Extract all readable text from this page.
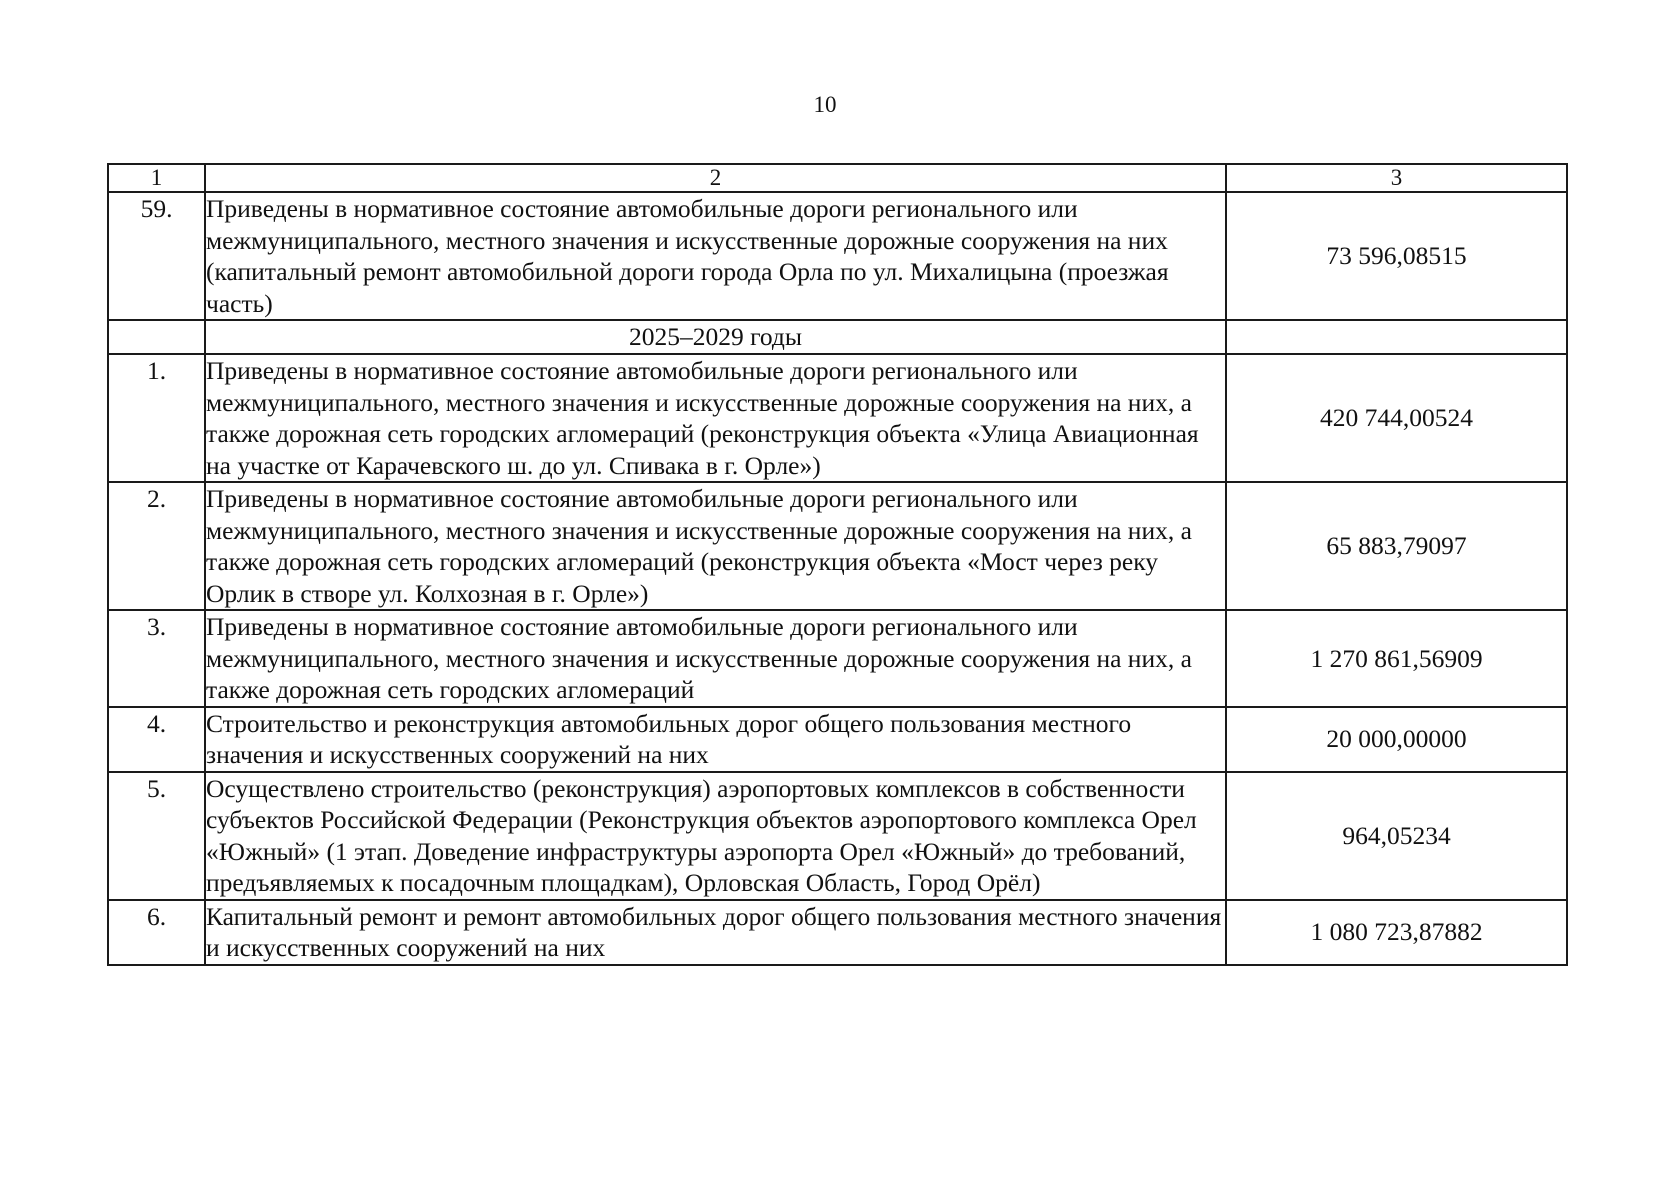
10
1	2	3
59.	Приведены в нормативное состояние автомобильные дороги регионального или межмуниципального, местного значения и искусственные дорожные сооружения на них (капитальный ремонт автомобильной дороги города Орла по ул. Михалицына (проезжая часть)	73 596,08515
	2025–2029 годы	
1.	Приведены в нормативное состояние автомобильные дороги регионального или межмуниципального, местного значения и искусственные дорожные сооружения на них, а также дорожная сеть городских агломераций (реконструкция объекта «Улица Авиационная на участке от Карачевского ш. до ул. Спивака в г. Орле»)	420 744,00524
2.	Приведены в нормативное состояние автомобильные дороги регионального или межмуниципального, местного значения и искусственные дорожные сооружения на них, а также дорожная сеть городских агломераций (реконструкция объекта «Мост через реку Орлик в створе ул. Колхозная в г. Орле»)	65 883,79097
3.	Приведены в нормативное состояние автомобильные дороги регионального или межмуниципального, местного значения и искусственные дорожные сооружения на них, а также дорожная сеть городских агломераций	1 270 861,56909
4.	Строительство и реконструкция автомобильных дорог общего пользования местного значения и искусственных сооружений на них	20 000,00000
5.	Осуществлено строительство (реконструкция) аэропортовых комплексов в собственности субъектов Российской Федерации (Реконструкция объектов аэропортового комплекса Орел «Южный» (1 этап. Доведение инфраструктуры аэропорта Орел «Южный» до требований, предъявляемых к посадочным площадкам), Орловская Область, Город Орёл)	964,05234
6.	Капитальный ремонт и ремонт автомобильных дорог общего пользования местного значения и искусственных сооружений на них	1 080 723,87882
